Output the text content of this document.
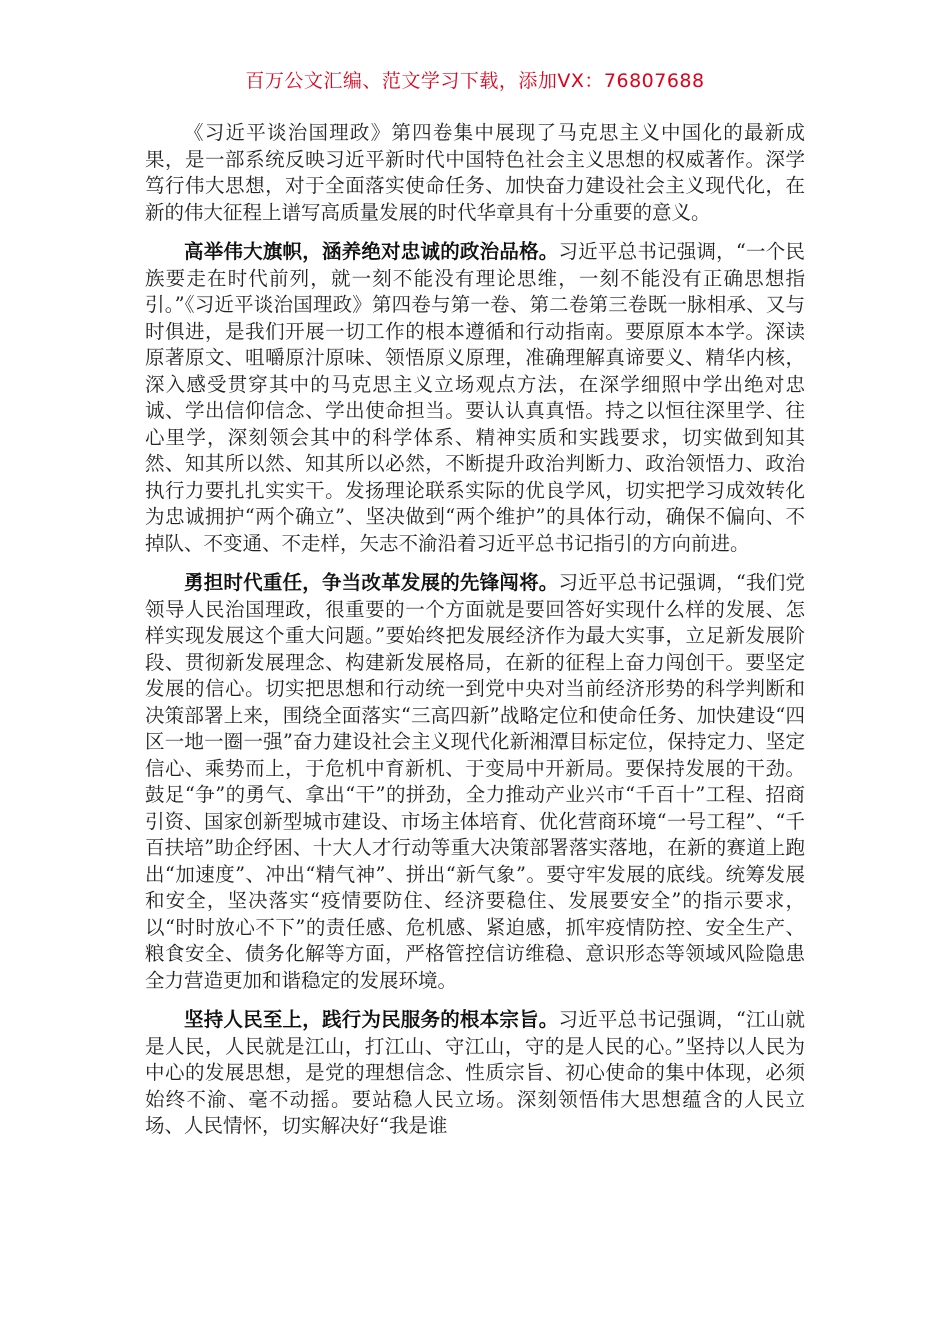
百万公文汇编、范文学习下载，添加VX：76807688

《习近平谈治国理政》第四卷集中展现了马克思主义中国化的最新成果，是一部系统反映习近平新时代中国特色社会主义思想的权威著作。深学笃行伟大思想，对于全面落实使命任务、加快奋力建设社会主义现代化，在新的伟大征程上谱写高质量发展的时代华章具有十分重要的意义。

高举伟大旗帜，涵养绝对忠诚的政治品格。习近平总书记强调，“一个民族要走在时代前列，就一刻不能没有理论思维，一刻不能没有正确思想指引。”《习近平谈治国理政》第四卷与第一卷、第二卷第三卷既一脉相承、又与时俱进，是我们开展一切工作的根本遵循和行动指南。要原原本本学。深读原著原文、咀嚼原汁原味、领悟原义原理，准确理解真谛要义、精华内核，深入感受贯穿其中的马克思主义立场观点方法，在深学细照中学出绝对忠诚、学出信仰信念、学出使命担当。要认认真真悟。持之以恒往深里学、往心里学，深刻领会其中的科学体系、精神实质和实践要求，切实做到知其然、知其所以然、知其所以必然，不断提升政治判断力、政治领悟力、政治执行力要扎扎实实干。发扬理论联系实际的优良学风，切实把学习成效转化为忠诚拥护“两个确立”、坚决做到“两个维护”的具体行动，确保不偏向、不掉队、不变通、不走样，矢志不渝沿着习近平总书记指引的方向前进。

勇担时代重任，争当改革发展的先锋闯将。习近平总书记强调，“我们党领导人民治国理政，很重要的一个方面就是要回答好实现什么样的发展、怎样实现发展这个重大问题。”要始终把发展经济作为最大实事，立足新发展阶段、贯彻新发展理念、构建新发展格局，在新的征程上奋力闯创干。要坚定发展的信心。切实把思想和行动统一到党中央对当前经济形势的科学判断和决策部署上来，围绕全面落实“三高四新”战略定位和使命任务、加快建设“四区一地一圈一强”奋力建设社会主义现代化新湘潭目标定位，保持定力、坚定信心、乘势而上，于危机中育新机、于变局中开新局。要保持发展的干劲。鼓足“争”的勇气、拿出“干”的拼劲，全力推动产业兴市“千百十”工程、招商引资、国家创新型城市建设、市场主体培育、优化营商环境“一号工程”、“千百扶培”助企纾困、十大人才行动等重大决策部署落实落地，在新的赛道上跑出“加速度”、冲出“精气神”、拼出“新气象”。要守牢发展的底线。统筹发展和安全，坚决落实“疫情要防住、经济要稳住、发展要安全”的指示要求，以“时时放心不下”的责任感、危机感、紧迫感，抓牢疫情防控、安全生产、粮食安全、债务化解等方面，严格管控信访维稳、意识形态等领域风险隐患全力营造更加和谐稳定的发展环境。

坚持人民至上，践行为民服务的根本宗旨。习近平总书记强调，“江山就是人民，人民就是江山，打江山、守江山，守的是人民的心。”坚持以人民为中心的发展思想，是党的理想信念、性质宗旨、初心使命的集中体现，必须始终不渝、毫不动摇。要站稳人民立场。深刻领悟伟大思想蕴含的人民立场、人民情怀，切实解决好“我是谁
